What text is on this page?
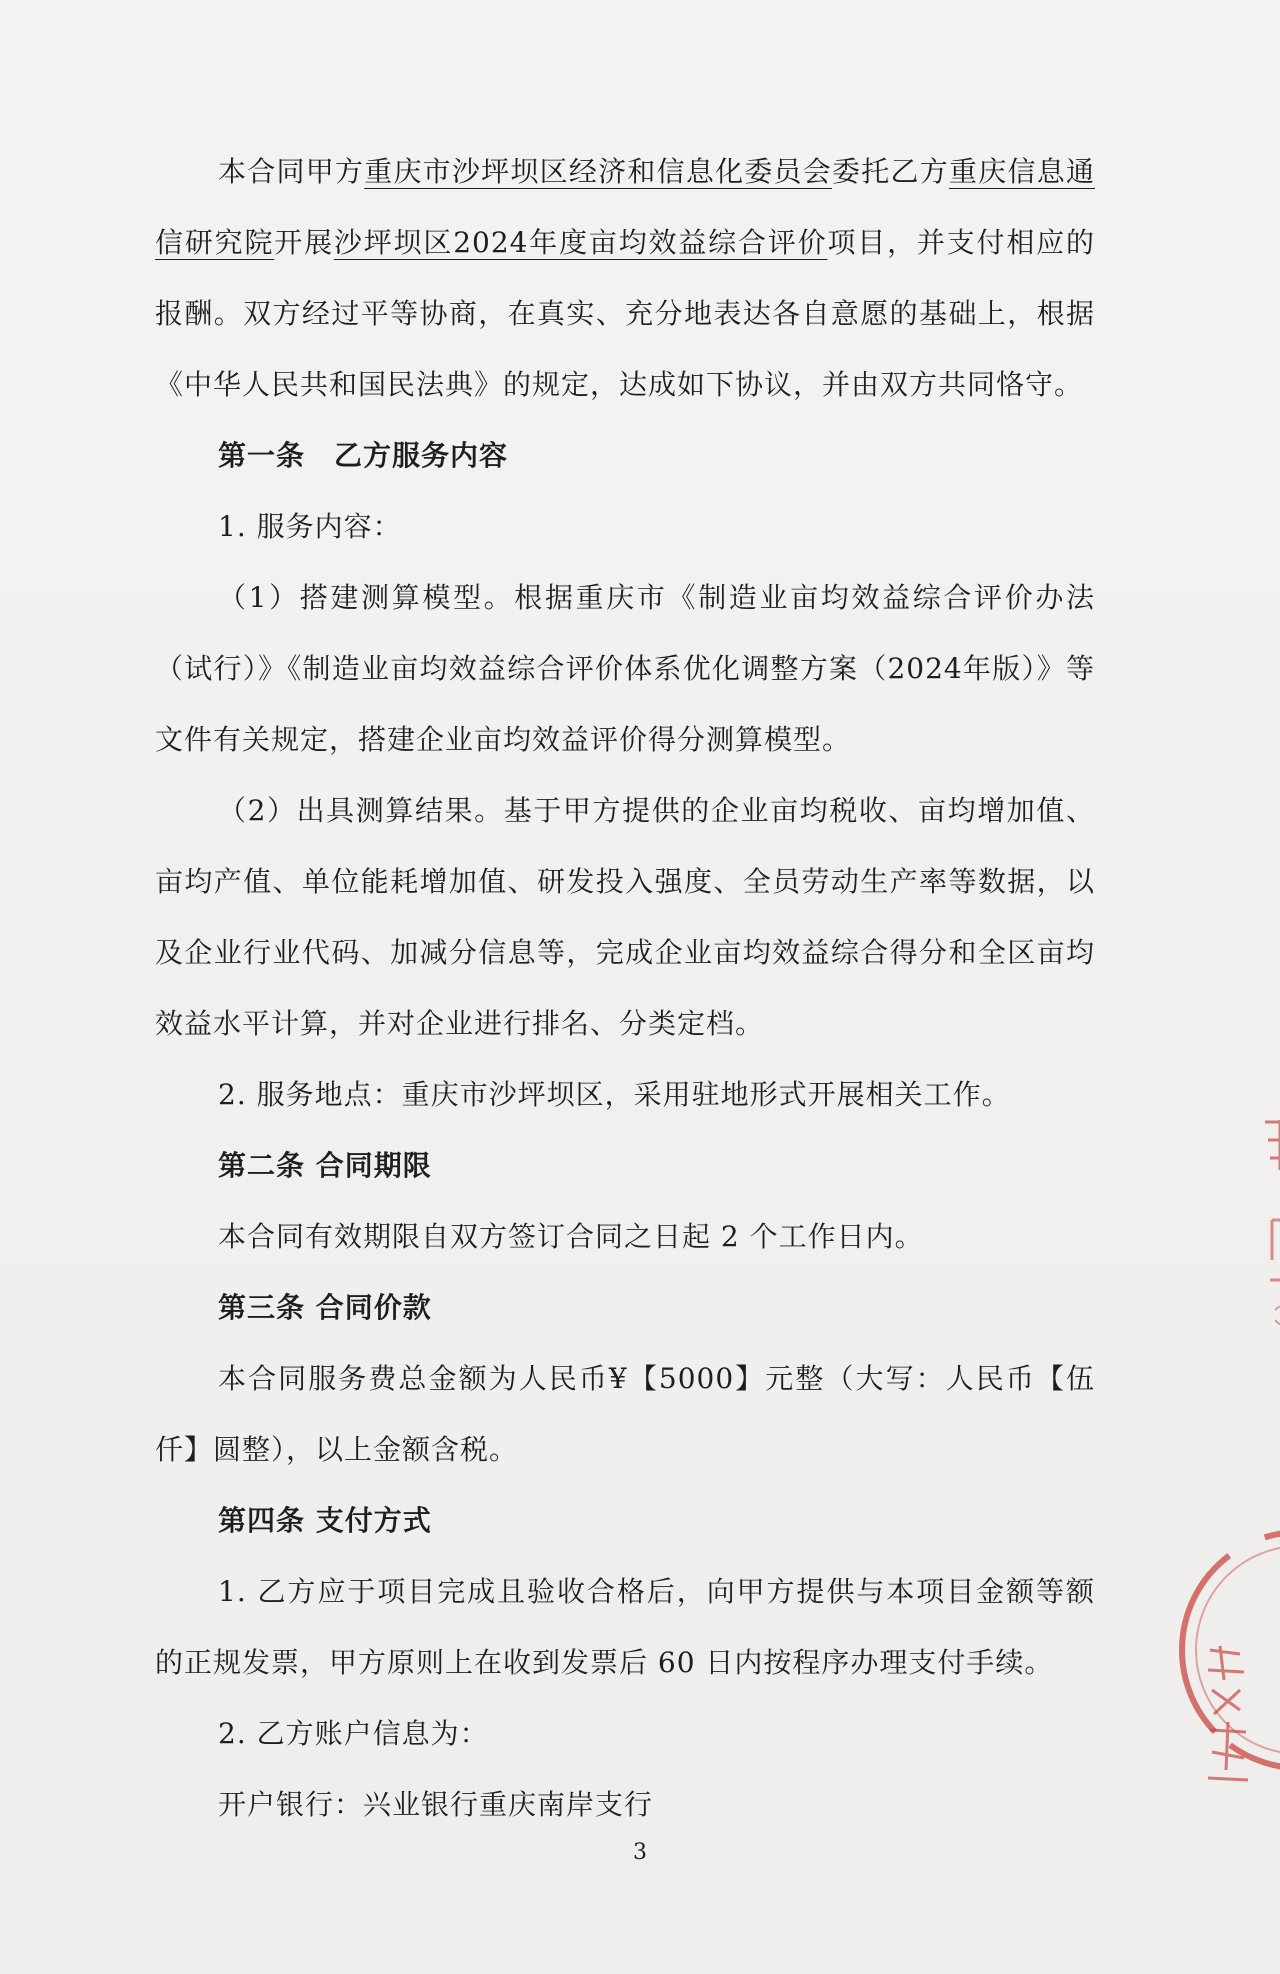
本合同甲方重庆市沙坪坝区经济和信息化委员会委托乙方重庆信息通信研究院开展沙坪坝区2024年度亩均效益综合评价项目，并支付相应的报酬。双方经过平等协商，在真实、充分地表达各自意愿的基础上，根据《中华人民共和国民法典》的规定，达成如下协议，并由双方共同恪守。
第一条　乙方服务内容
1. 服务内容：
（1）搭建测算模型。根据重庆市《制造业亩均效益综合评价办法（试行）》《制造业亩均效益综合评价体系优化调整方案（2024年版）》等文件有关规定，搭建企业亩均效益评价得分测算模型。
（2）出具测算结果。基于甲方提供的企业亩均税收、亩均增加值、亩均产值、单位能耗增加值、研发投入强度、全员劳动生产率等数据，以及企业行业代码、加减分信息等，完成企业亩均效益综合得分和全区亩均效益水平计算，并对企业进行排名、分类定档。
2. 服务地点：重庆市沙坪坝区，采用驻地形式开展相关工作。
第二条 合同期限
本合同有效期限自双方签订合同之日起 2 个工作日内。
第三条 合同价款
本合同服务费总金额为人民币¥【5000】元整（大写：人民币【伍仟】圆整），以上金额含税。
第四条 支付方式
1. 乙方应于项目完成且验收合格后，向甲方提供与本项目金额等额的正规发票，甲方原则上在收到发票后 60 日内按程序办理支付手续。
2. 乙方账户信息为：
开户银行：兴业银行重庆南岸支行
3
